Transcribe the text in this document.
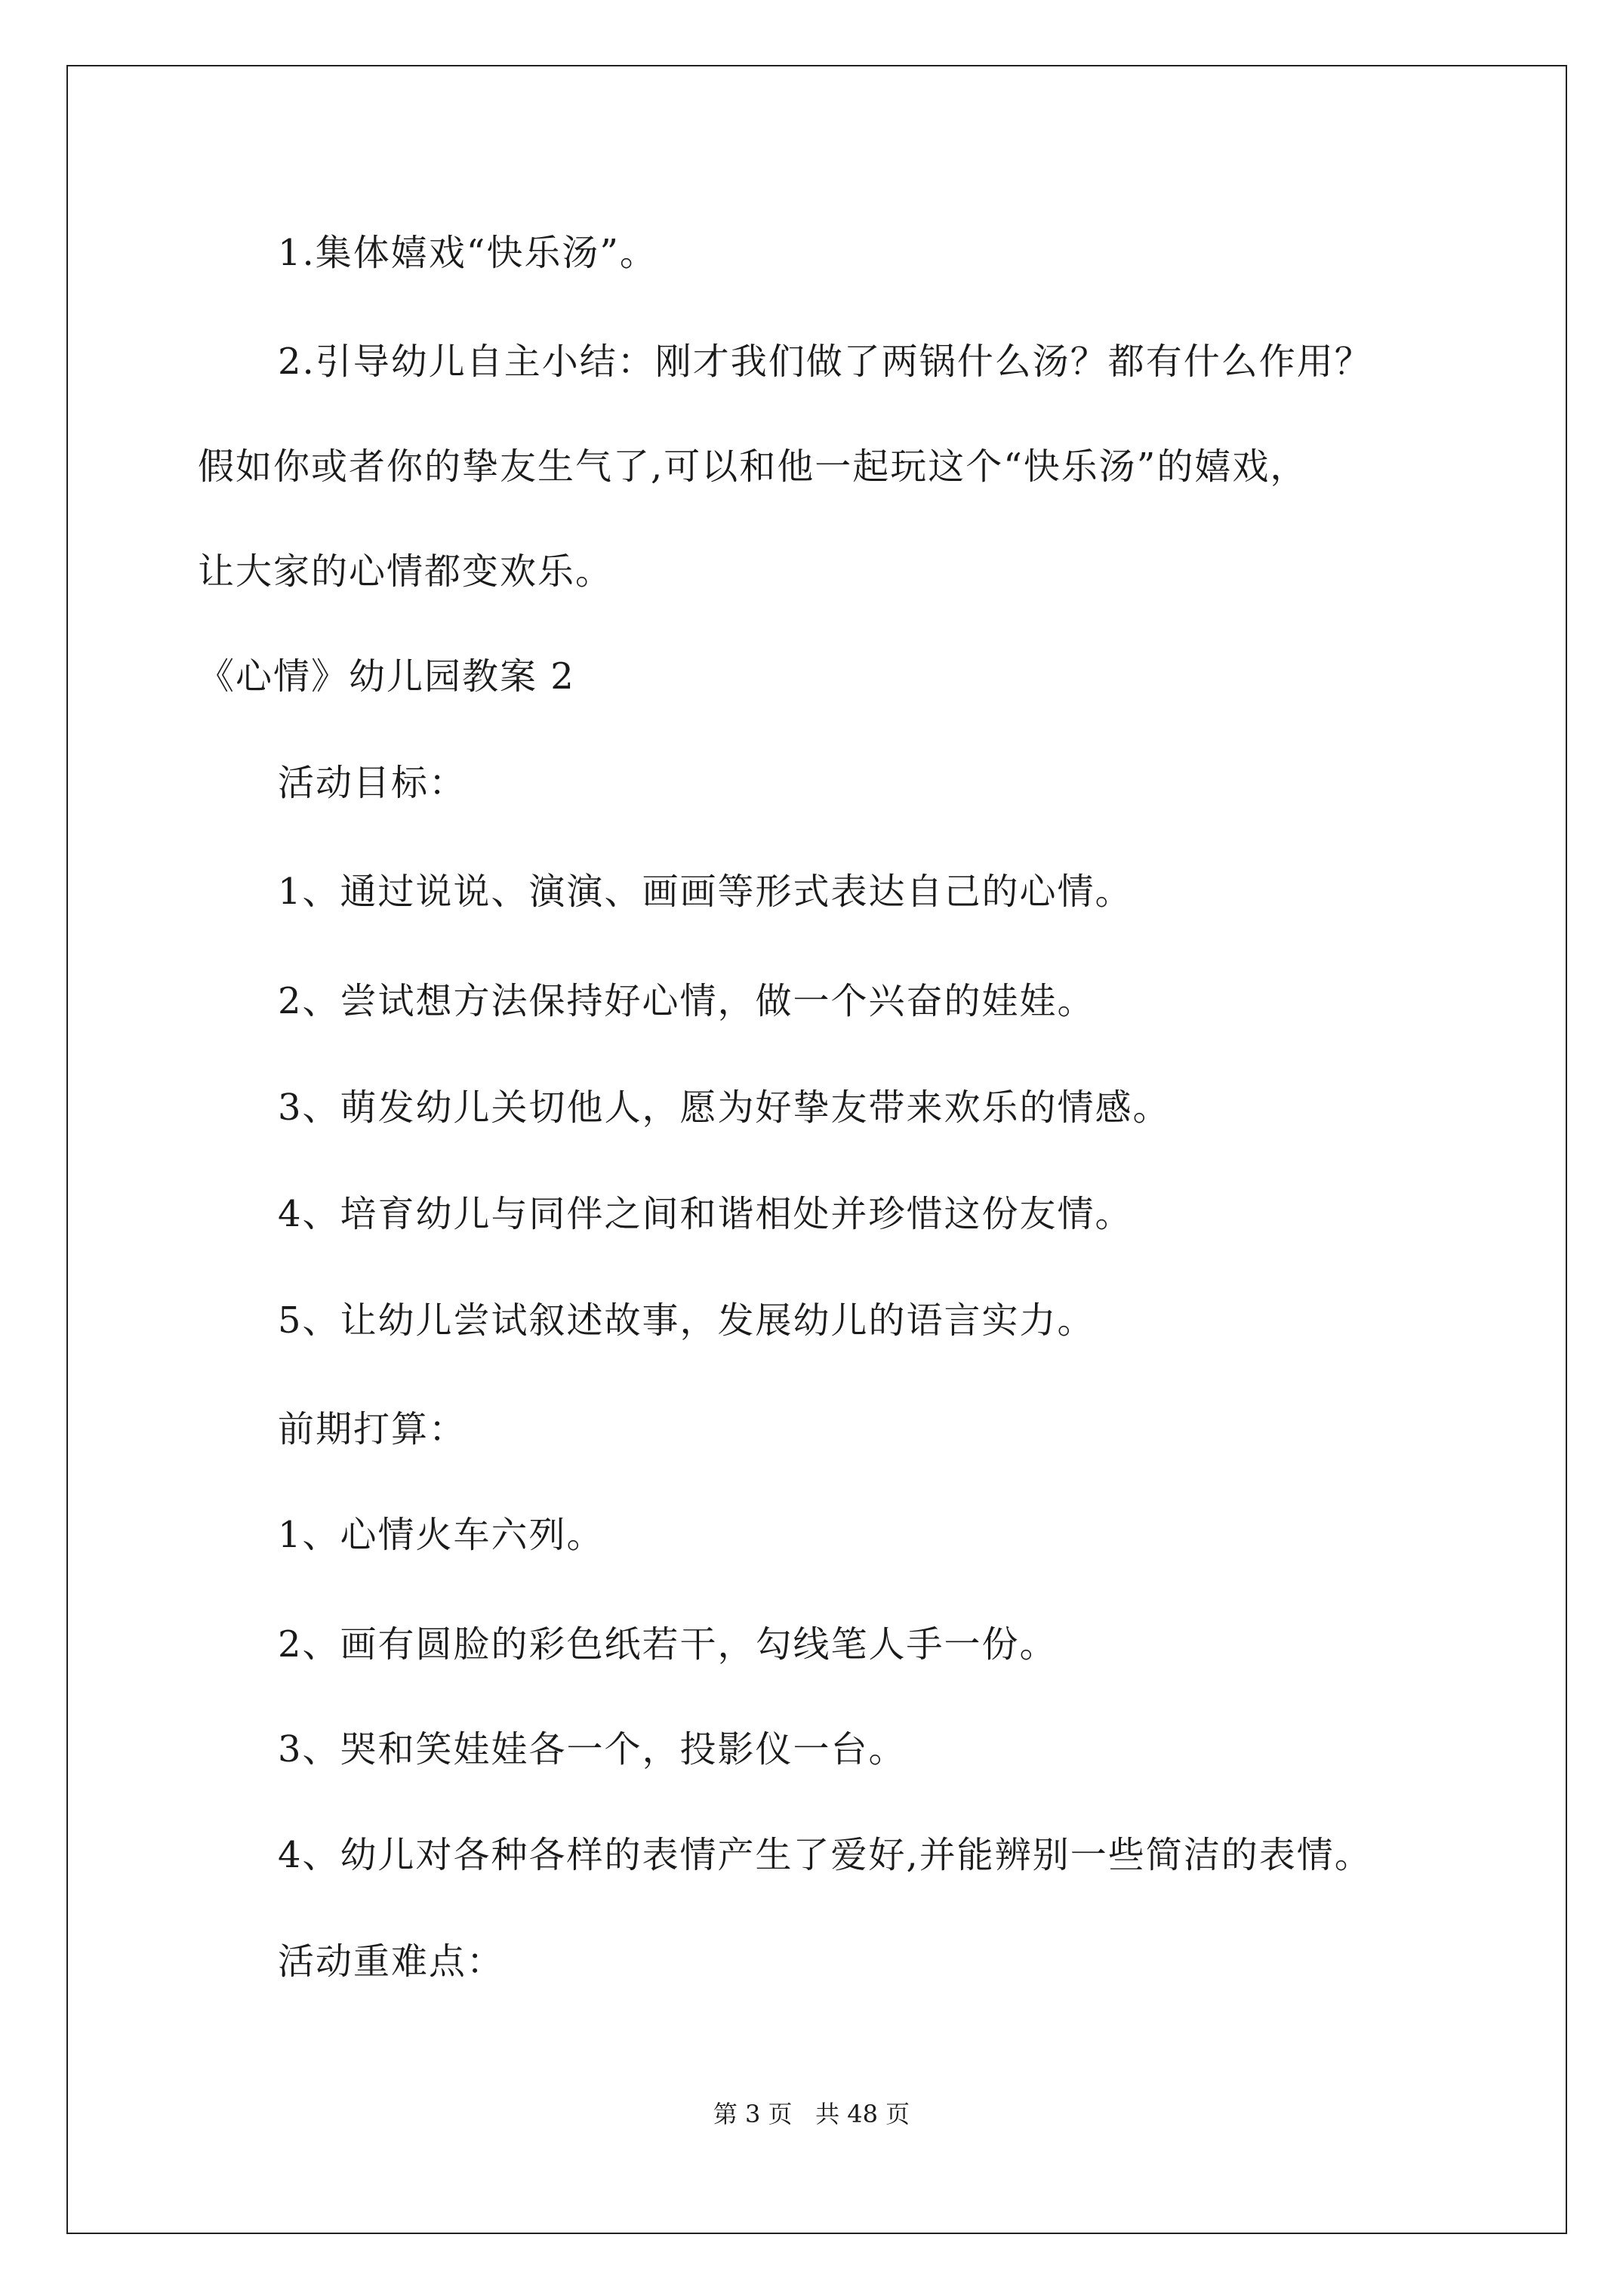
1.集体嬉戏“快乐汤”。
2.引导幼儿自主小结：刚才我们做了两锅什么汤？都有什么作用？
假如你或者你的挚友生气了,可以和他一起玩这个“快乐汤”的嬉戏，
让大家的心情都变欢乐。
《心情》幼儿园教案 2
活动目标：
1、通过说说、演演、画画等形式表达自己的心情。
2、尝试想方法保持好心情，做一个兴奋的娃娃。
3、萌发幼儿关切他人，愿为好挚友带来欢乐的情感。
4、培育幼儿与同伴之间和谐相处并珍惜这份友情。
5、让幼儿尝试叙述故事，发展幼儿的语言实力。
前期打算：
1、心情火车六列。
2、画有圆脸的彩色纸若干，勾线笔人手一份。
3、哭和笑娃娃各一个，投影仪一台。
4、幼儿对各种各样的表情产生了爱好,并能辨别一些简洁的表情。
活动重难点：
第 3 页   共 48 页
